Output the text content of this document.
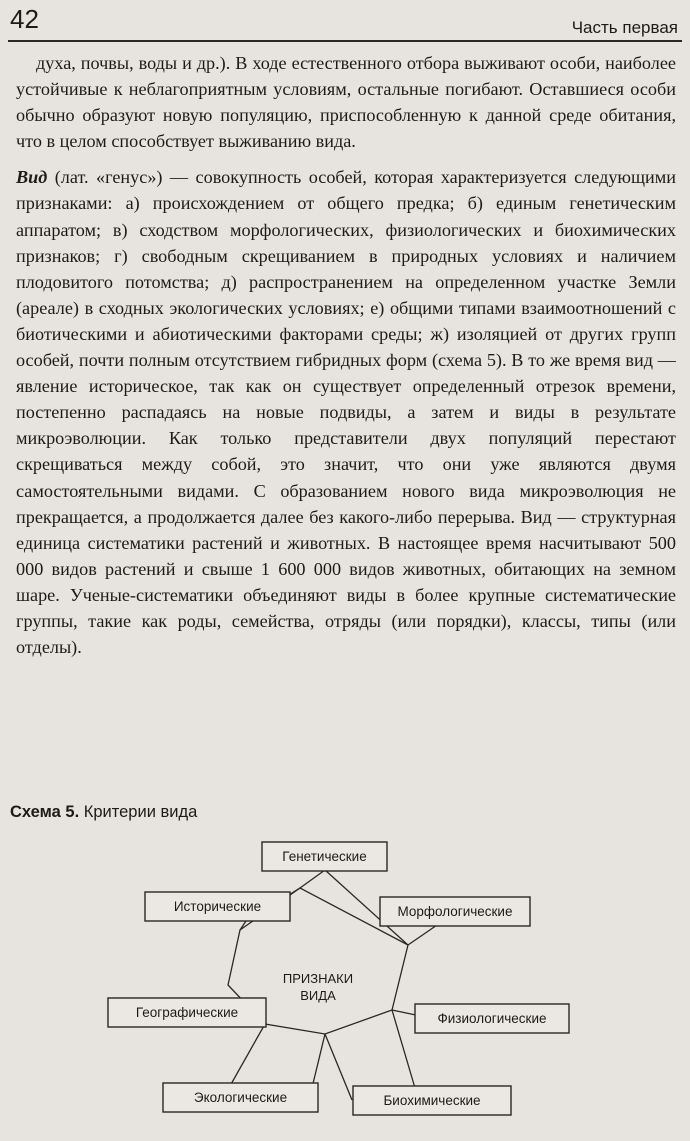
42	Часть первая

духа, почвы, воды и др.). В ходе естественного отбора выживают особи, наиболее устойчивые к неблагоприятным условиям, остальные погибают. Оставшиеся особи обычно образуют новую популяцию, приспособленную к данной среде обитания, что в целом способствует выживанию вида.

Вид (лат. «генус») — совокупность особей, которая характеризуется следующими признаками: а) происхождением от общего предка; б) единым генетическим аппаратом; в) сходством морфологических, физиологических и биохимических признаков; г) свободным скрещиванием в природных условиях и наличием плодовитого потомства; д) распространением на определенном участке Земли (ареале) в сходных экологических условиях; е) общими типами взаимоотношений с биотическими и абиотическими факторами среды; ж) изоляцией от других групп особей, почти полным отсутствием гибридных форм (схема 5). В то же время вид — явление историческое, так как он существует определенный отрезок времени, постепенно распадаясь на новые подвиды, а затем и виды в результате микроэволюции. Как только представители двух популяций перестают скрещиваться между собой, это значит, что они уже являются двумя самостоятельными видами. С образованием нового вида микроэволюция не прекращается, а продолжается далее без какого-либо перерыва. Вид — структурная единица систематики растений и животных. В настоящее время насчитывают 500 000 видов растений и свыше 1 600 000 видов животных, обитающих на земном шаре. Ученые-систематики объединяют виды в более крупные систематические группы, такие как роды, семейства, отряды (или порядки), классы, типы (или отделы).

Схема 5. Критерии вида
Генетические
Исторические	Морфологические
Географические	Физиологические
Экологические	Биохимические
ПРИЗНАКИ
ВИДА
